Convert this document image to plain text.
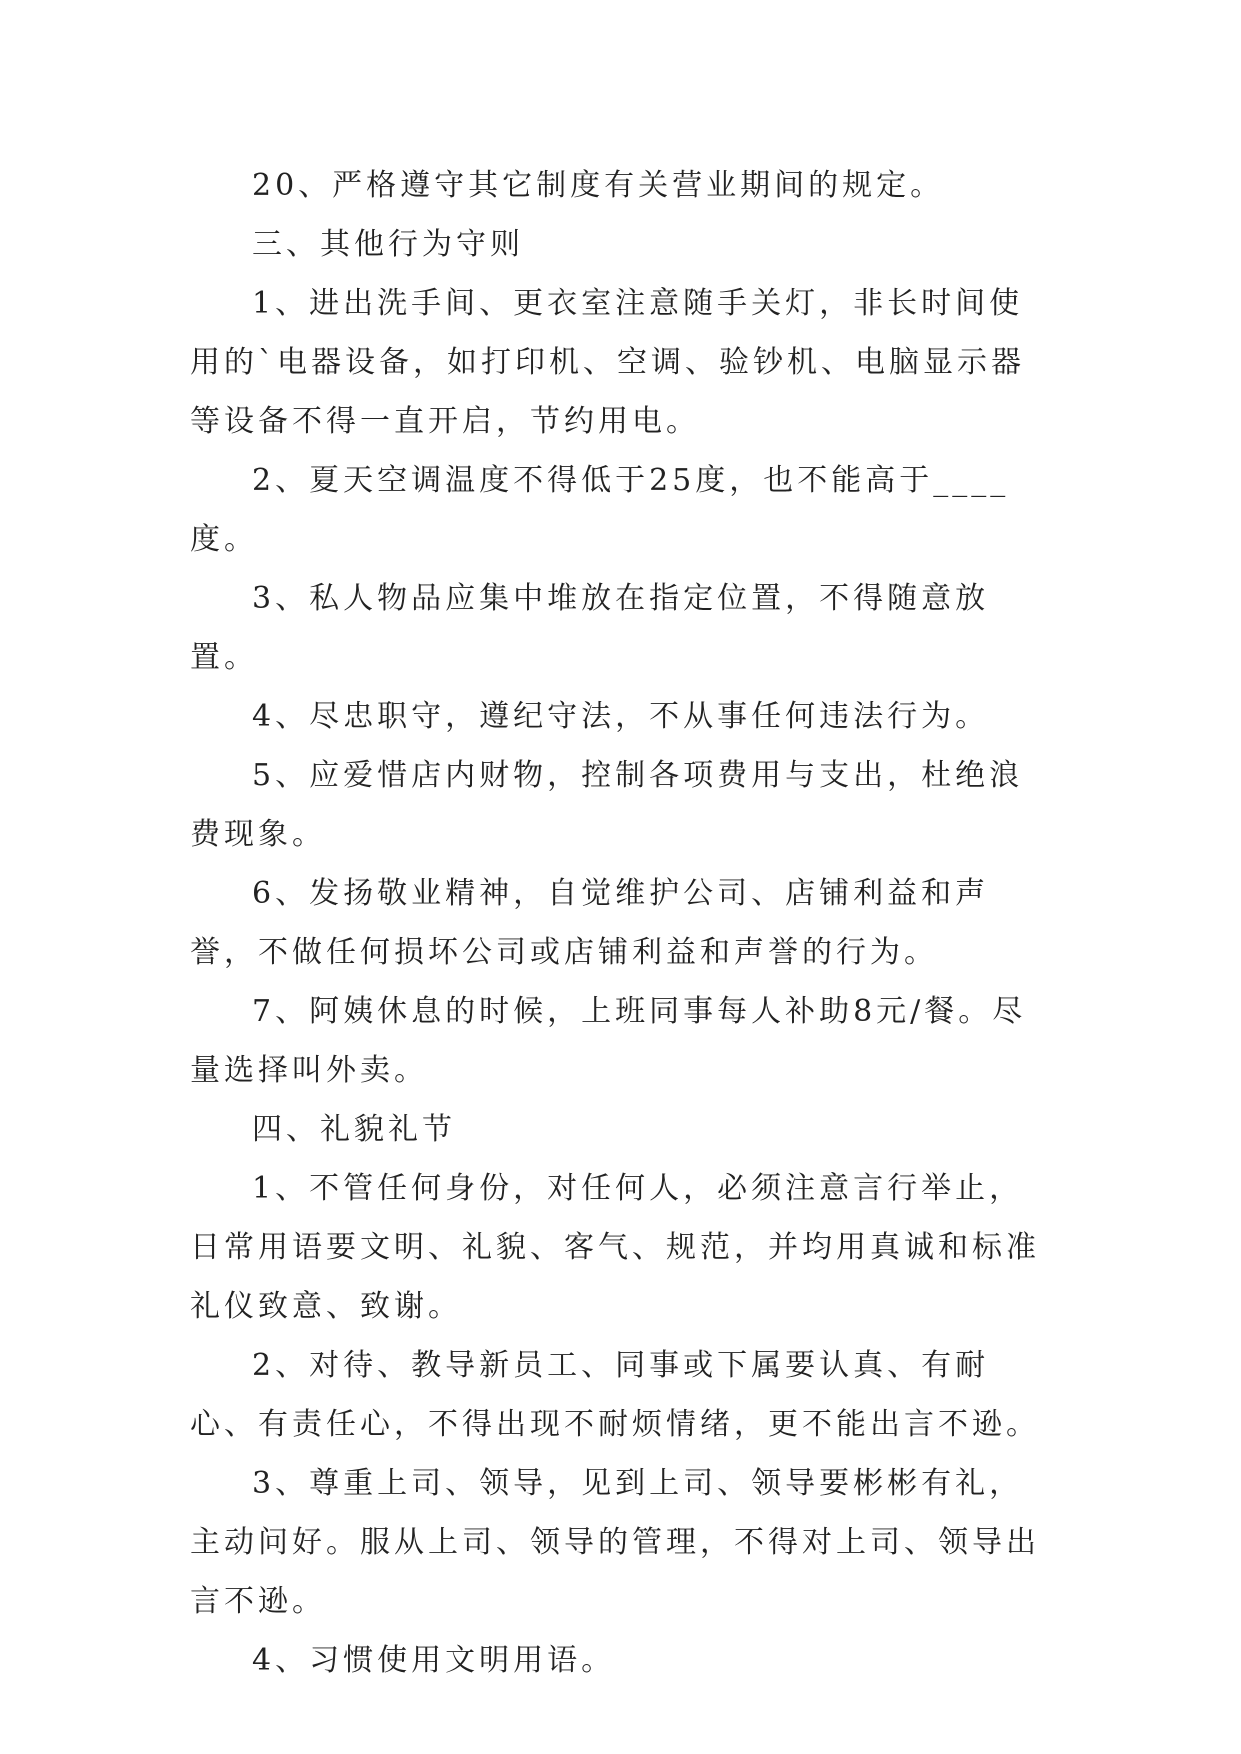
20、严格遵守其它制度有关营业期间的规定。

三、其他行为守则

1、进出洗手间、更衣室注意随手关灯，非长时间使用的`电器设备，如打印机、空调、验钞机、电脑显示器等设备不得一直开启，节约用电。

2、夏天空调温度不得低于25度，也不能高于____度。

3、私人物品应集中堆放在指定位置，不得随意放置。

4、尽忠职守，遵纪守法，不从事任何违法行为。

5、应爱惜店内财物，控制各项费用与支出，杜绝浪费现象。

6、发扬敬业精神，自觉维护公司、店铺利益和声誉，不做任何损坏公司或店铺利益和声誉的行为。

7、阿姨休息的时候，上班同事每人补助8元/餐。尽量选择叫外卖。

四、礼貌礼节

1、不管任何身份，对任何人，必须注意言行举止，日常用语要文明、礼貌、客气、规范，并均用真诚和标准礼仪致意、致谢。

2、对待、教导新员工、同事或下属要认真、有耐心、有责任心，不得出现不耐烦情绪，更不能出言不逊。

3、尊重上司、领导，见到上司、领导要彬彬有礼，主动问好。服从上司、领导的管理，不得对上司、领导出言不逊。

4、习惯使用文明用语。
